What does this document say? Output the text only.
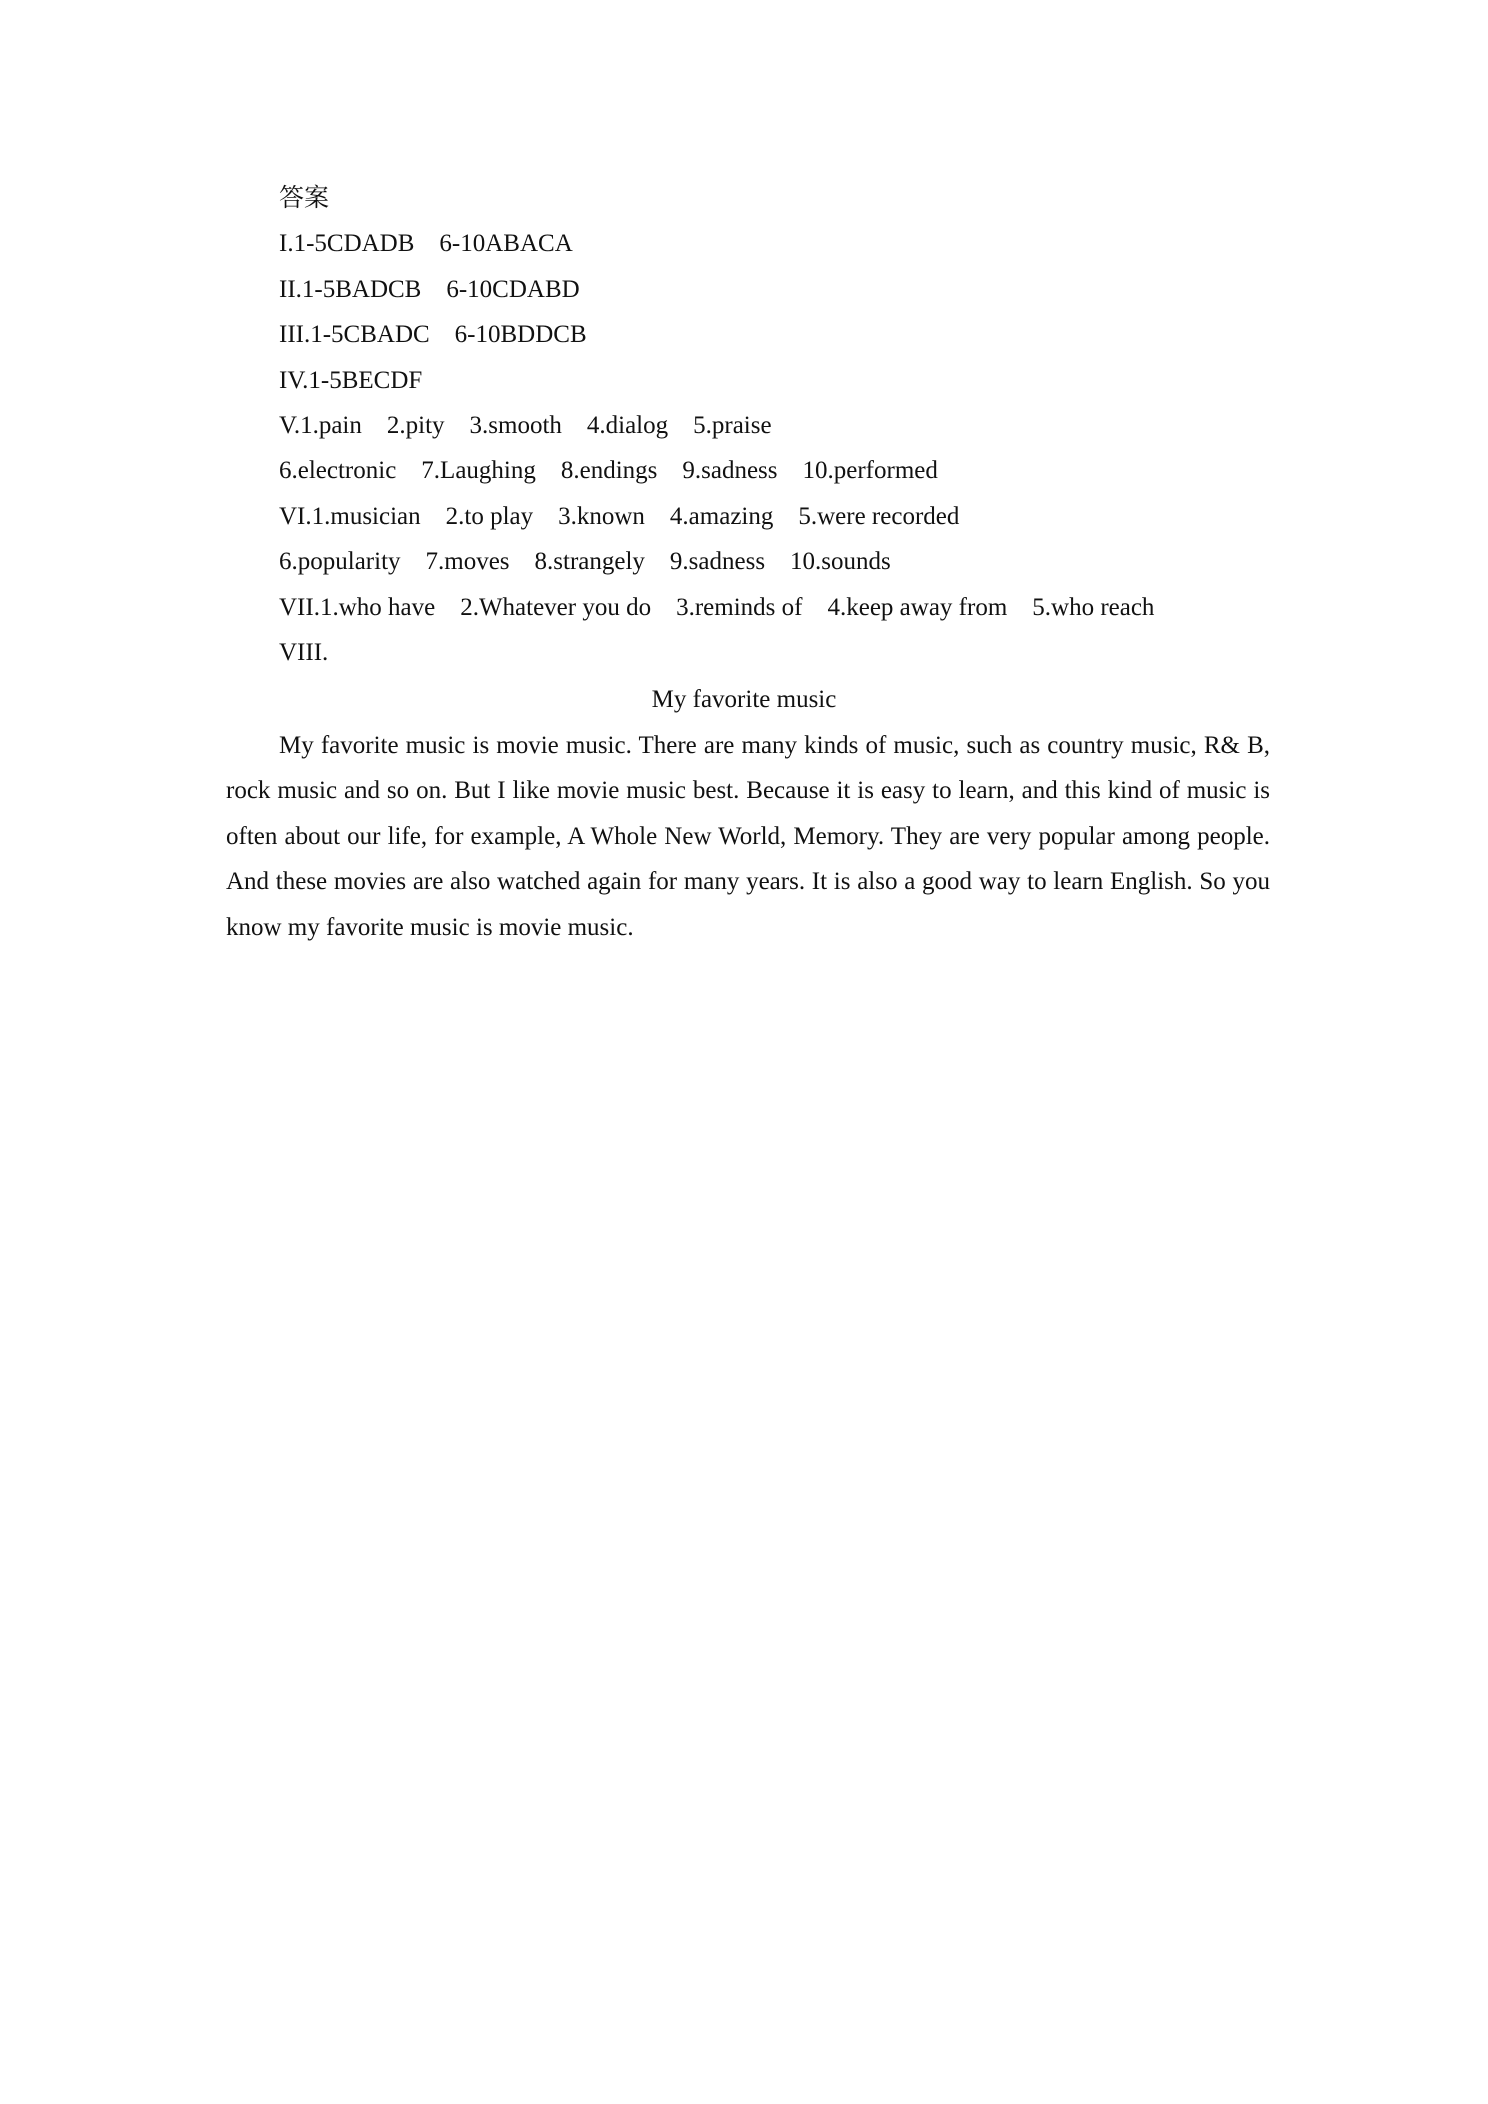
答案
I.1-5CDADB    6-10ABACA
II.1-5BADCB    6-10CDABD
III.1-5CBADC    6-10BDDCB
IV.1-5BECDF
V.1.pain    2.pity    3.smooth    4.dialog    5.praise
6.electronic    7.Laughing    8.endings    9.sadness    10.performed
VI.1.musician    2.to play    3.known    4.amazing    5.were recorded
6.popularity    7.moves    8.strangely    9.sadness    10.sounds
VII.1.who have    2.Whatever you do    3.reminds of    4.keep away from    5.who reach
VIII.
My favorite music

My favorite music is movie music. There are many kinds of music, such as country music, R& B, rock music and so on. But I like movie music best. Because it is easy to learn, and this kind of music is often about our life, for example, A Whole New World, Memory. They are very popular among people. And these movies are also watched again for many years. It is also a good way to learn English. So you know my favorite music is movie music.
